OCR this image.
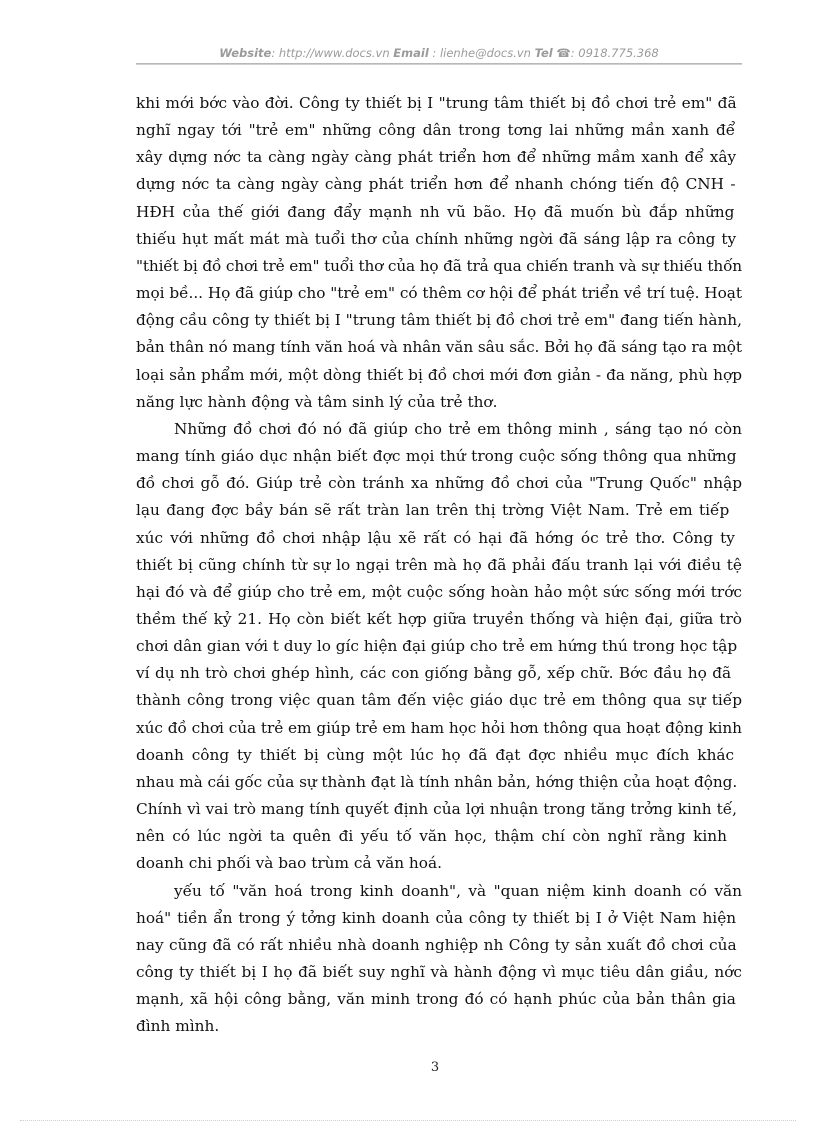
Website: http://www.docs.vn Email : lienhe@docs.vn Tel ☎: 0918.775.368

khi mới bớc vào đời. Công ty thiết bị I "trung tâm thiết bị đồ chơi trẻ em" đã
nghĩ ngay tới "trẻ em" những công dân trong tơng lai những mần xanh để
xây dựng nớc ta càng ngày càng phát triển hơn để những mầm xanh để xây
dựng nớc ta càng ngày càng phát triển hơn để nhanh chóng tiến độ CNH -
HĐH của thế giới đang đẩy mạnh nh vũ bão. Họ đã muốn bù đắp những
thiếu hụt mất mát mà tuổi thơ của chính những ngời đã sáng lập ra công ty
"thiết bị đồ chơi trẻ em" tuổi thơ của họ đã trả qua chiến tranh và sự thiếu thốn
mọi bề... Họ đã giúp cho "trẻ em" có thêm cơ hội để phát triển về trí tuệ. Hoạt
động cầu công ty thiết bị I "trung tâm thiết bị đồ chơi trẻ em" đang tiến hành,
bản thân nó mang tính văn hoá và nhân văn sâu sắc. Bởi họ đã sáng tạo ra một
loại sản phẩm mới, một dòng thiết bị đồ chơi mới đơn giản - đa năng, phù hợp
năng lực hành động và tâm sinh lý của trẻ thơ.

Những đồ chơi đó nó đã giúp cho trẻ em thông minh , sáng tạo nó còn
mang tính giáo dục nhận biết đợc mọi thứ trong cuộc sống thông qua những
đồ chơi gỗ đó. Giúp trẻ còn tránh xa những đồ chơi của "Trung Quốc" nhập
lạu đang đợc bầy bán sẽ rất tràn lan trên thị trờng Việt Nam. Trẻ em tiếp
xúc với những đồ chơi nhập lậu xẽ rất có hại đã hớng óc trẻ thơ. Công ty
thiết bị cũng chính từ sự lo ngại trên mà họ đã phải đấu tranh lại với điều tệ
hại đó và để giúp cho trẻ em, một cuộc sống hoàn hảo một sức sống mới trớc
thềm thế kỷ 21. Họ còn biết kết hợp giữa truyền thống và hiện đại, giữa trò
chơi dân gian với t duy lo gíc hiện đại giúp cho trẻ em hứng thú trong học tập
ví dụ nh trò chơi ghép hình, các con giống bằng gỗ, xếp chữ. Bớc đầu họ đã
thành công trong việc quan tâm đến việc giáo dục trẻ em thông qua sự tiếp
xúc đồ chơi của trẻ em giúp trẻ em ham học hỏi hơn thông qua hoạt động kinh
doanh công ty thiết bị cùng một lúc họ đã đạt đợc nhiều mục đích khác
nhau mà cái gốc của sự thành đạt là tính nhân bản, hớng thiện của hoạt động.
Chính vì vai trò mang tính quyết định của lợi nhuận trong tăng trởng kinh tế,
nên có lúc ngời ta quên đi yếu tố văn học, thậm chí còn nghĩ rằng kinh
doanh chi phối và bao trùm cả văn hoá.

yếu tố "văn hoá trong kinh doanh", và "quan niệm kinh doanh có văn
hoá" tiền ẩn trong ý tởng kinh doanh của công ty thiết bị I ở Việt Nam hiện
nay cũng đã có rất nhiều nhà doanh nghiệp nh Công ty sản xuất đồ chơi của
công ty thiết bị I họ đã biết suy nghĩ và hành động vì mục tiêu dân giầu, nớc
mạnh, xã hội công bằng, văn minh trong đó có hạnh phúc của bản thân gia
đình mình.

3
